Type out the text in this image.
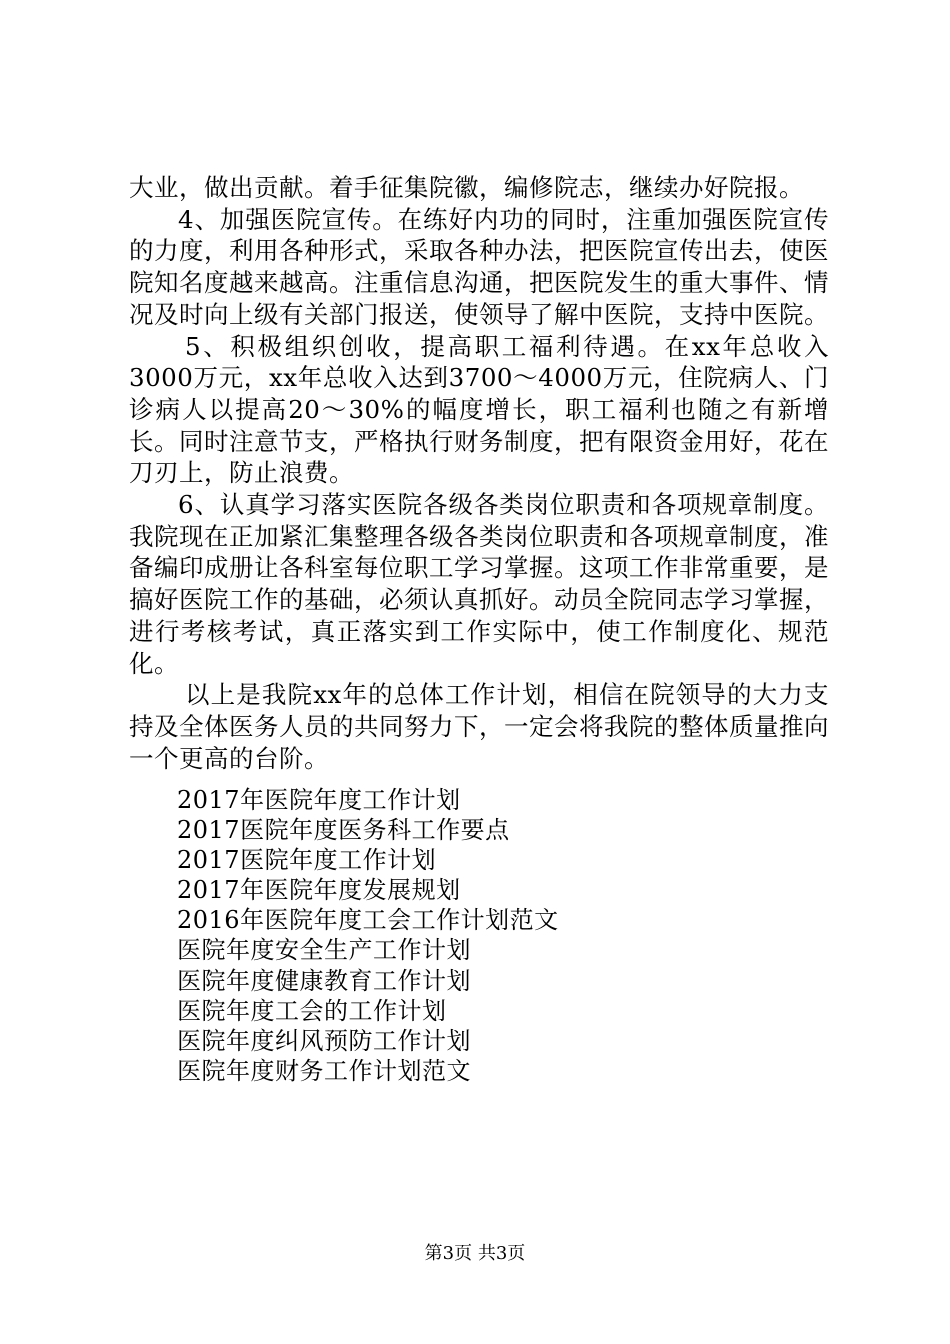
大业，做出贡献。着手征集院徽，编修院志，继续办好院报。

4、加强医院宣传。在练好内功的同时，注重加强医院宣传的力度，利用各种形式，采取各种办法，把医院宣传出去，使医院知名度越来越高。注重信息沟通，把医院发生的重大事件、情况及时向上级有关部门报送，使领导了解中医院，支持中医院。

5、积极组织创收，提高职工福利待遇。在xx年总收入3000万元，xx年总收入达到3700～4000万元，住院病人、门诊病人以提高20～30%的幅度增长，职工福利也随之有新增长。同时注意节支，严格执行财务制度，把有限资金用好，花在刀刃上，防止浪费。

6、认真学习落实医院各级各类岗位职责和各项规章制度。我院现在正加紧汇集整理各级各类岗位职责和各项规章制度，准备编印成册让各科室每位职工学习掌握。这项工作非常重要，是搞好医院工作的基础，必须认真抓好。动员全院同志学习掌握，进行考核考试，真正落实到工作实际中，使工作制度化、规范化。

以上是我院xx年的总体工作计划，相信在院领导的大力支持及全体医务人员的共同努力下，一定会将我院的整体质量推向一个更高的台阶。

2017年医院年度工作计划
2017医院年度医务科工作要点
2017医院年度工作计划
2017年医院年度发展规划
2016年医院年度工会工作计划范文
医院年度安全生产工作计划
医院年度健康教育工作计划
医院年度工会的工作计划
医院年度纠风预防工作计划
医院年度财务工作计划范文
第3页 共3页
